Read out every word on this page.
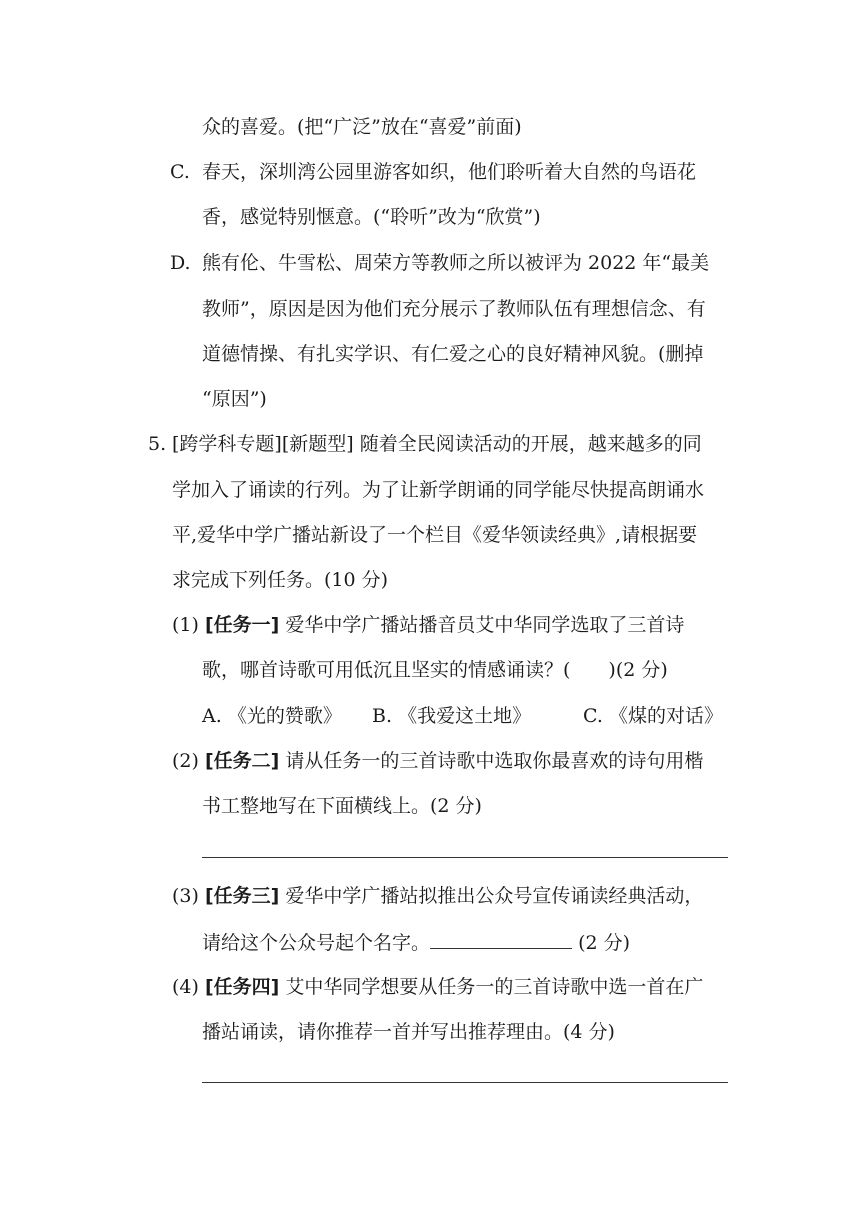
众的喜爱。(把“广泛”放在“喜爱”前面)
C. 春天，深圳湾公园里游客如织，他们聆听着大自然的鸟语花
香，感觉特别惬意。(“聆听”改为“欣赏”)
D. 熊有伦、牛雪松、周荣方等教师之所以被评为 2022 年“最美
教师”，原因是因为他们充分展示了教师队伍有理想信念、有
道德情操、有扎实学识、有仁爱之心的良好精神风貌。(删掉
“原因”)
5. [跨学科专题][新题型] 随着全民阅读活动的开展，越来越多的同
学加入了诵读的行列。为了让新学朗诵的同学能尽快提高朗诵水
平,爱华中学广播站新设了一个栏目《爱华领读经典》,请根据要
求完成下列任务。(10 分)
(1) [任务一] 爱华中学广播站播音员艾中华同学选取了三首诗
歌，哪首诗歌可用低沉且坚实的情感诵读？( )(2 分)
A. 《光的赞歌》 B. 《我爱这土地》	C. 《煤的对话》
(2) [任务二] 请从任务一的三首诗歌中选取你最喜欢的诗句用楷
书工整地写在下面横线上。(2 分)
(3) [任务三] 爱华中学广播站拟推出公众号宣传诵读经典活动，
请给这个公众号起个名字。	(2 分)
(4) [任务四] 艾中华同学想要从任务一的三首诗歌中选一首在广
播站诵读，请你推荐一首并写出推荐理由。(4 分)
